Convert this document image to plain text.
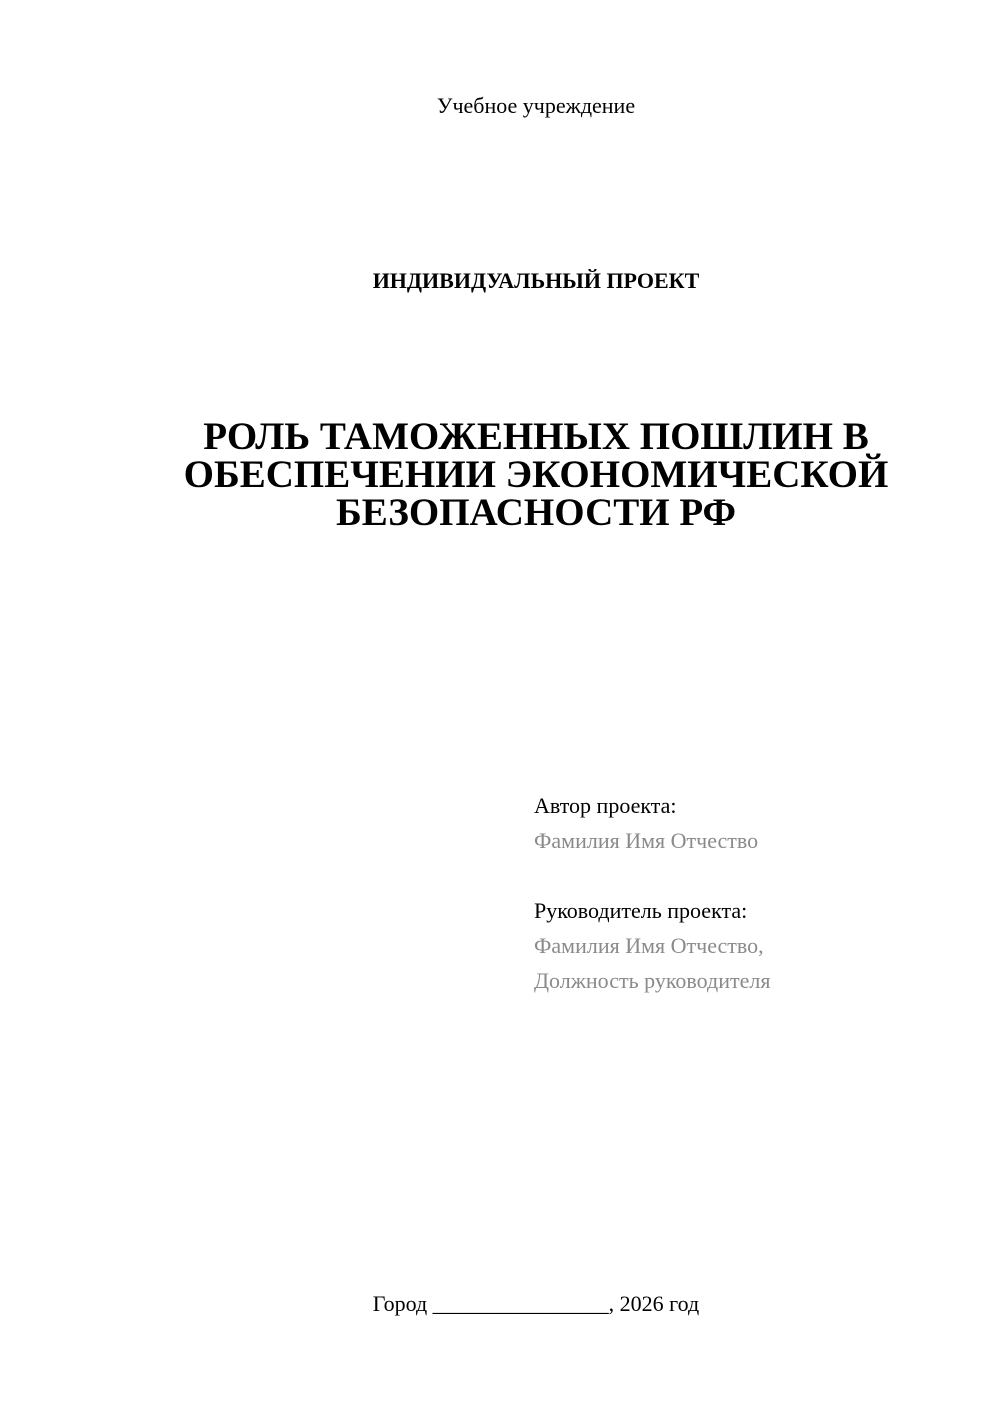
Учебное учреждение
ИНДИВИДУАЛЬНЫЙ ПРОЕКТ
РОЛЬ ТАМОЖЕННЫХ ПОШЛИН В
ОБЕСПЕЧЕНИИ ЭКОНОМИЧЕСКОЙ
БЕЗОПАСНОСТИ РФ
Автор проекта:
Фамилия Имя Отчество
Руководитель проекта:
Фамилия Имя Отчество,
Должность руководителя
Город ________________, 2026 год
